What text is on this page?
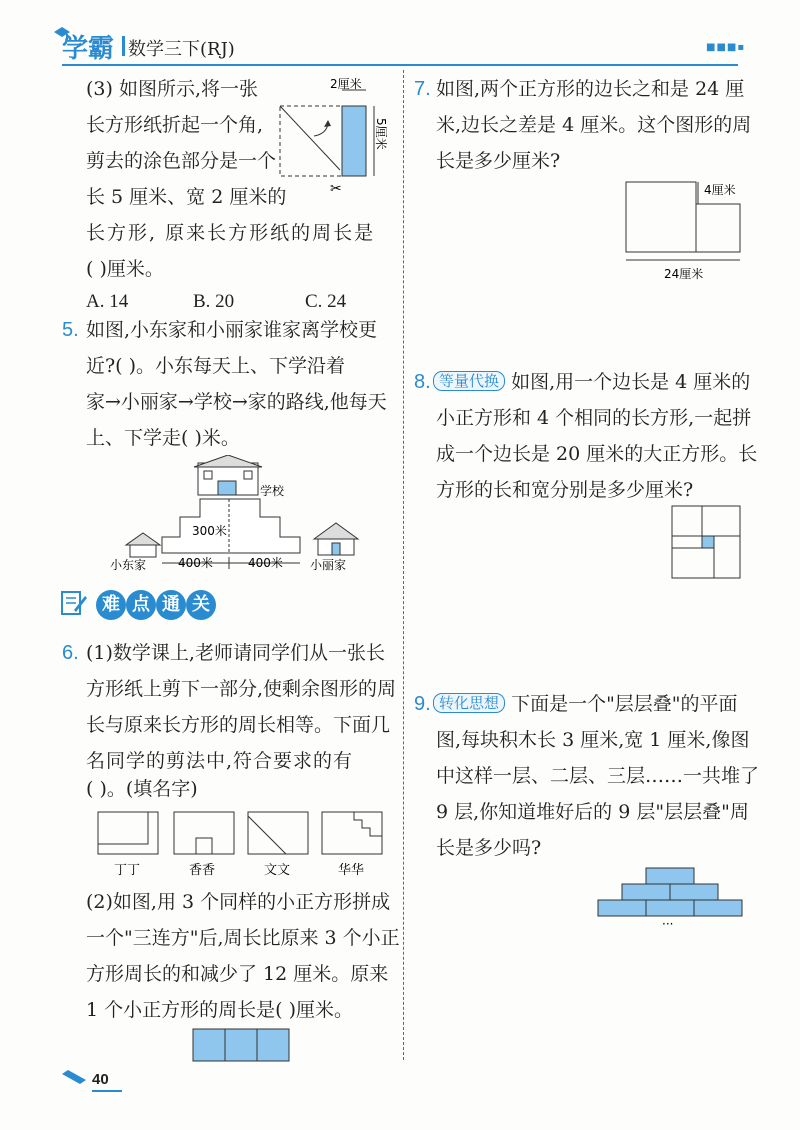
学霸 数学三下(RJ)	■■■▪
(3) 如图所示,将一张
长方形纸折起一个角,
剪去的涂色部分是一个
长 5 厘米、宽 2 厘米的
长方形, 原来长方形纸的周长是
( )厘米。
A. 14	B. 20	C. 24
2厘米
5厘米
✂
5. 如图,小东家和小丽家谁家离学校更
近?( )。小东每天上、下学沿着
家→小丽家→学校→家的路线,他每天
上、下学走( )米。
学校
300米
400米	400米
小东家	小丽家
难 点 通 关
6. (1)数学课上,老师请同学们从一张长
方形纸上剪下一部分,使剩余图形的周
长与原来长方形的周长相等。下面几
名同学的剪法中,符合要求的有
( )。(填名字)
丁丁	香香	文文	华华
(2)如图,用 3 个同样的小正方形拼成
一个"三连方"后,周长比原来 3 个小正
方形周长的和减少了 12 厘米。原来
1 个小正方形的周长是( )厘米。
7. 如图,两个正方形的边长之和是 24 厘
米,边长之差是 4 厘米。这个图形的周
长是多少厘米?
4厘米
24厘米
8. 等量代换 如图,用一个边长是 4 厘米的
小正方形和 4 个相同的长方形,一起拼
成一个边长是 20 厘米的大正方形。长
方形的长和宽分别是多少厘米?
9. 转化思想 下面是一个"层层叠"的平面
图,每块积木长 3 厘米,宽 1 厘米,像图
中这样一层、二层、三层……一共堆了
9 层,你知道堆好后的 9 层"层层叠"周
长是多少吗?
···
40
